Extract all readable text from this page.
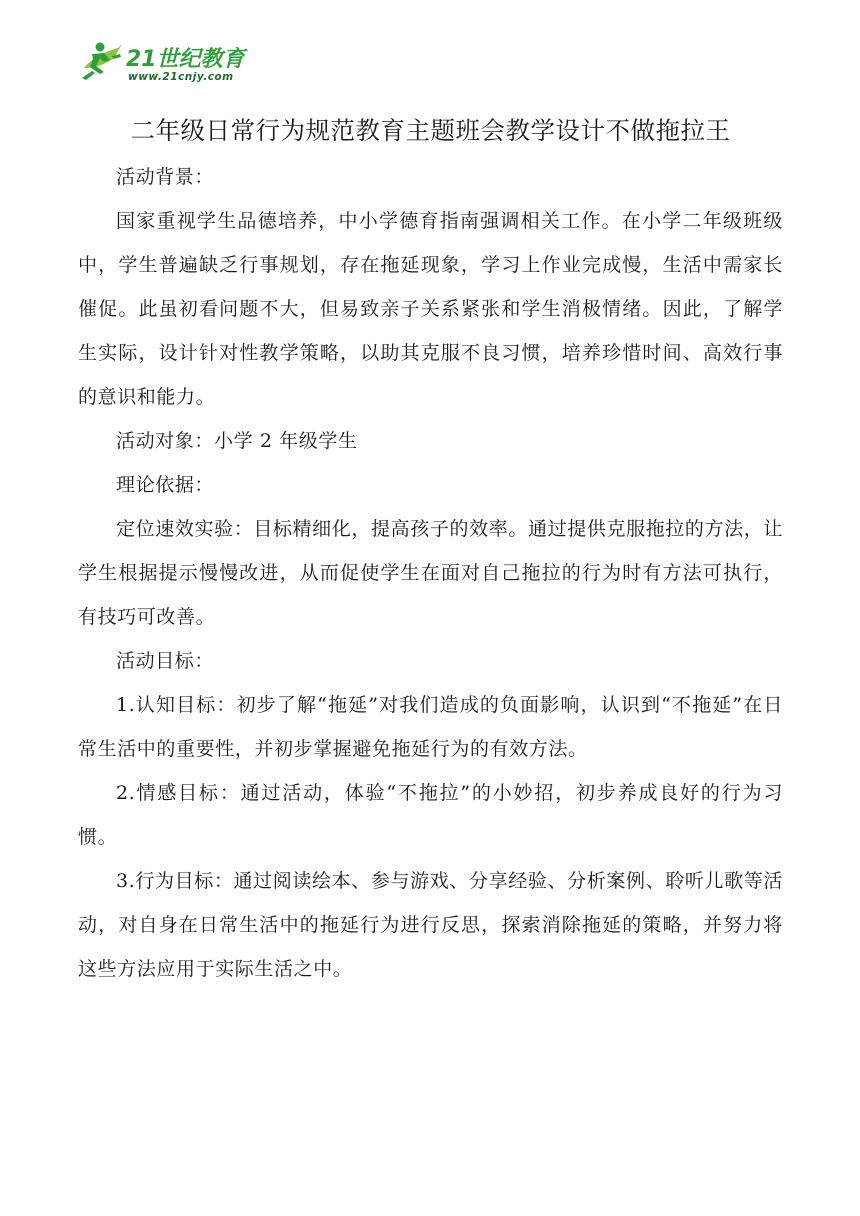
21世纪教育
www.21cnjy.com
二年级日常行为规范教育主题班会教学设计不做拖拉王

活动背景：

国家重视学生品德培养，中小学德育指南强调相关工作。在小学二年级班级中，学生普遍缺乏行事规划，存在拖延现象，学习上作业完成慢，生活中需家长催促。此虽初看问题不大，但易致亲子关系紧张和学生消极情绪。因此，了解学生实际，设计针对性教学策略，以助其克服不良习惯，培养珍惜时间、高效行事的意识和能力。

活动对象：小学 2 年级学生

理论依据：

定位速效实验：目标精细化，提高孩子的效率。通过提供克服拖拉的方法，让学生根据提示慢慢改进，从而促使学生在面对自己拖拉的行为时有方法可执行，有技巧可改善。

活动目标：

1.认知目标：初步了解“拖延”对我们造成的负面影响，认识到“不拖延”在日常生活中的重要性，并初步掌握避免拖延行为的有效方法。

2.情感目标：通过活动，体验“不拖拉”的小妙招，初步养成良好的行为习惯。

3.行为目标：通过阅读绘本、参与游戏、分享经验、分析案例、聆听儿歌等活动，对自身在日常生活中的拖延行为进行反思，探索消除拖延的策略，并努力将这些方法应用于实际生活之中。
